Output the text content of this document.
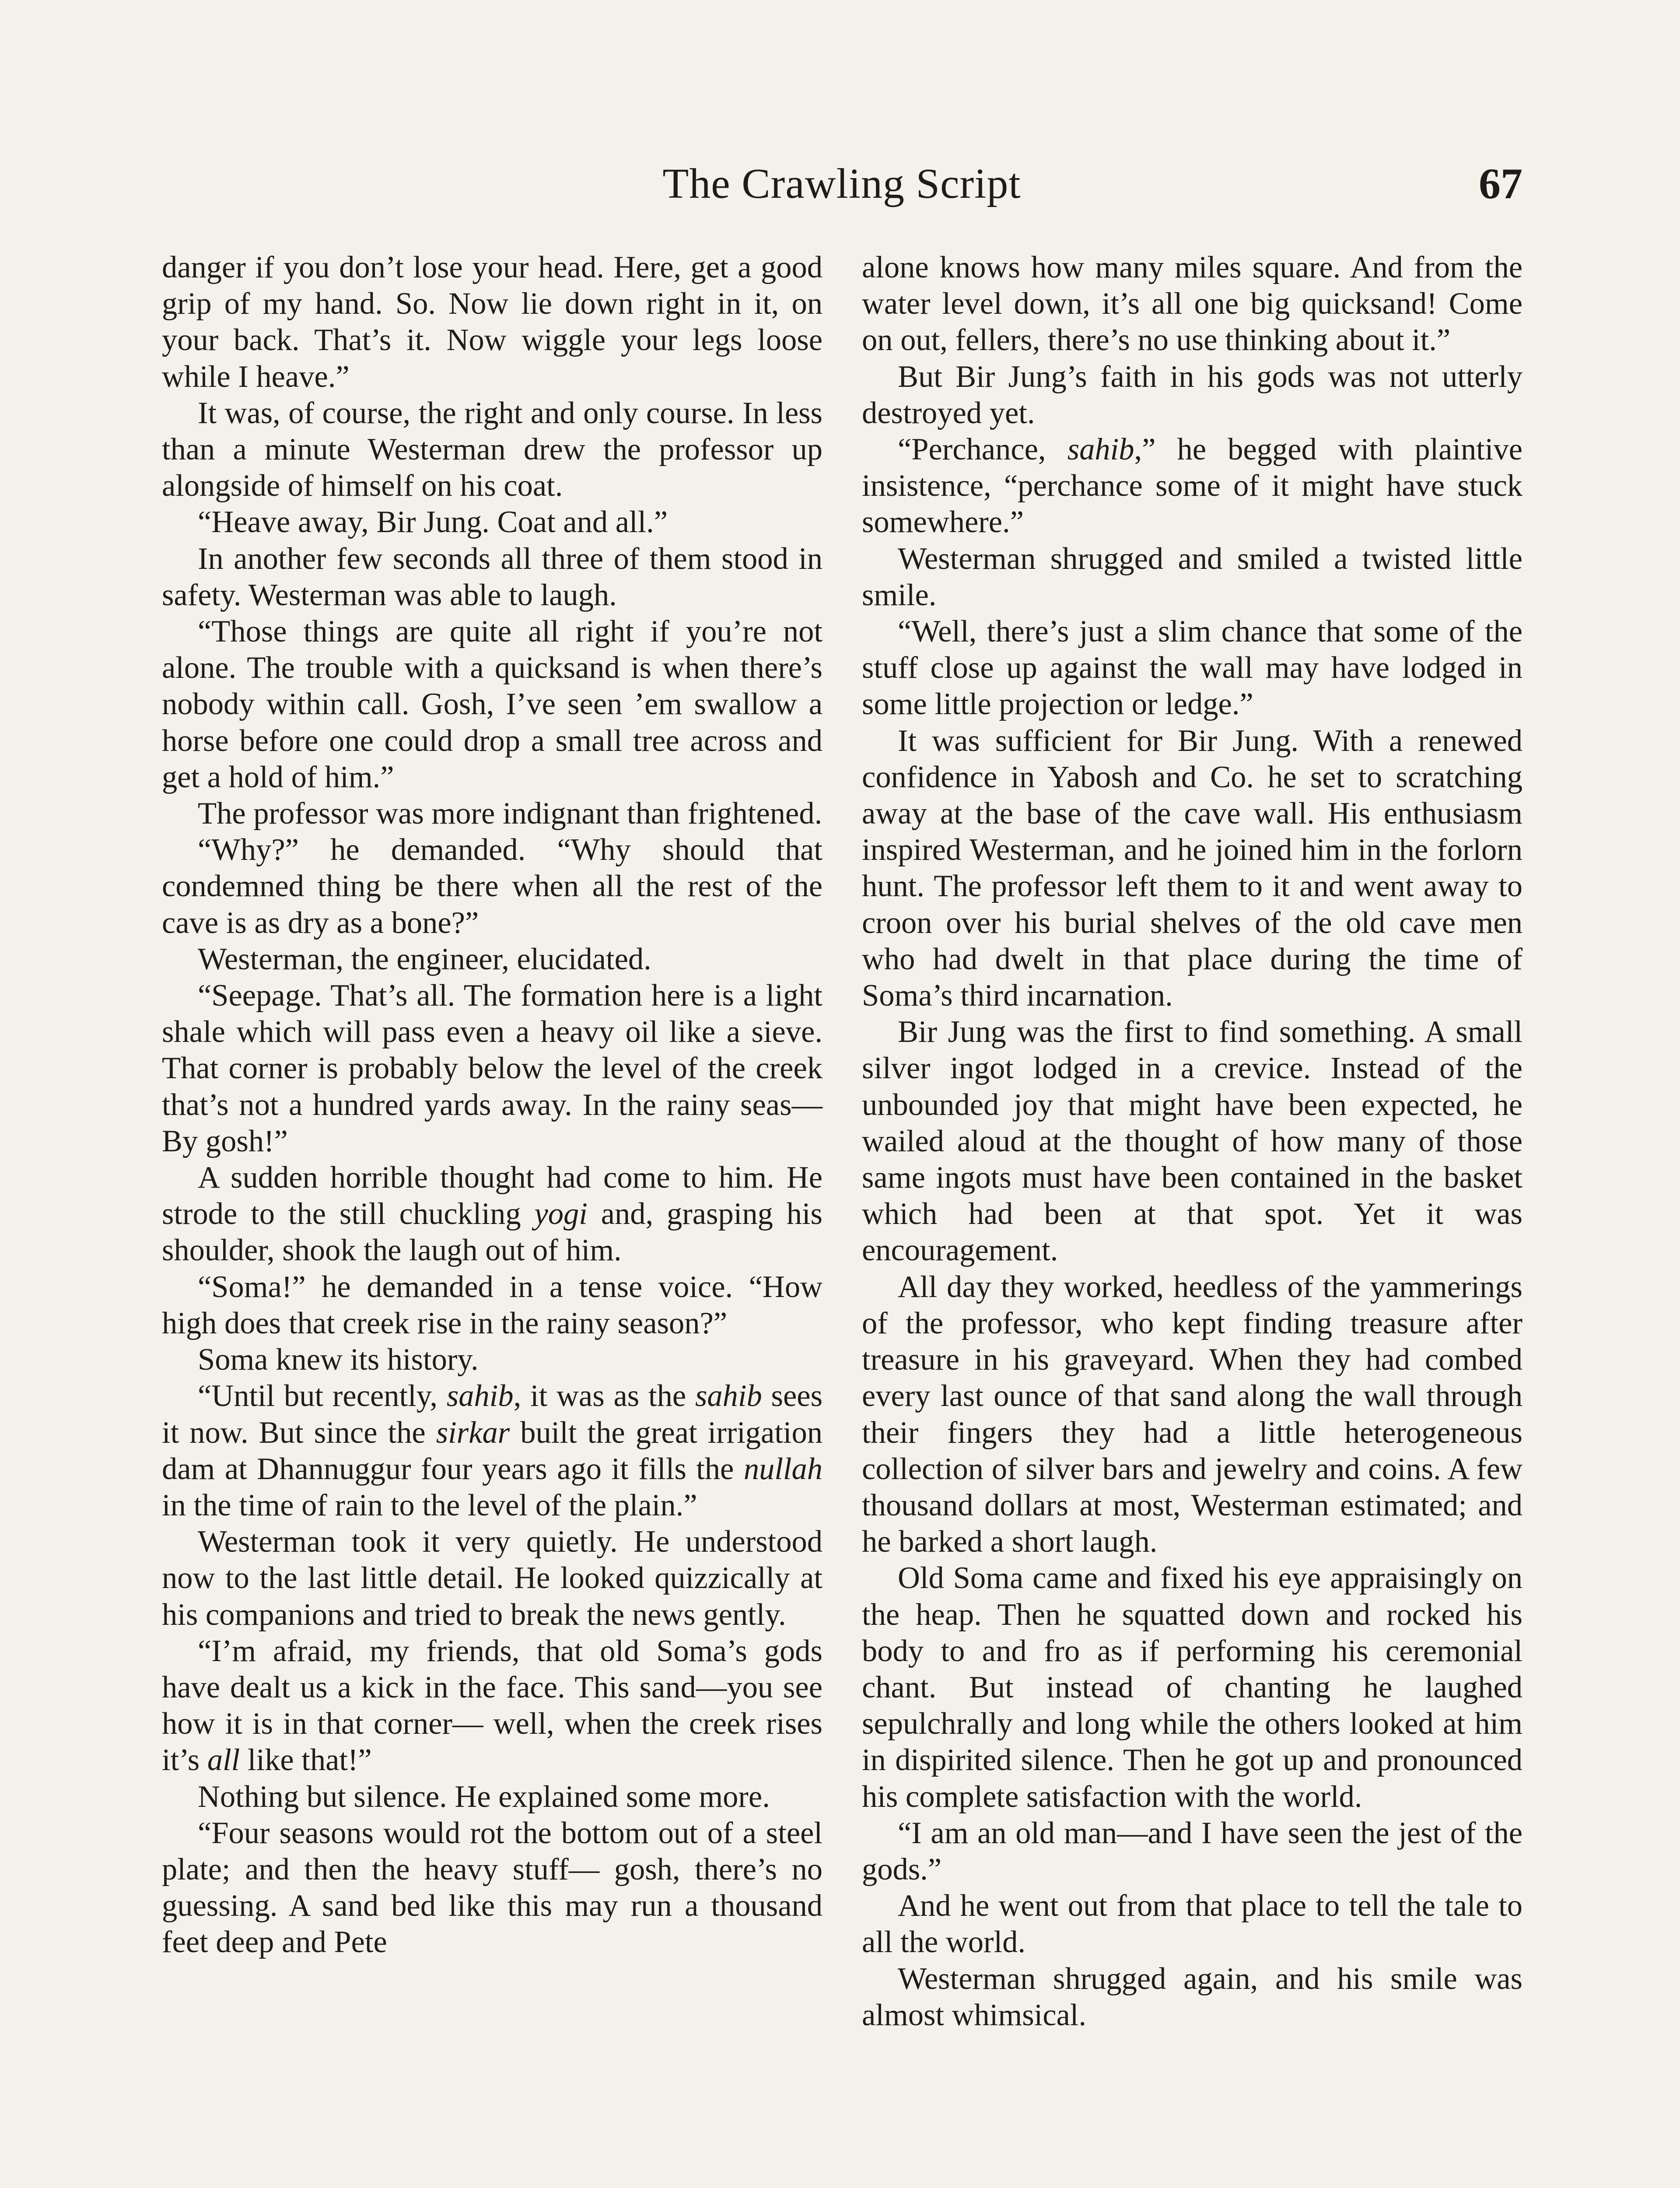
The Crawling Script	67

danger if you don’t lose your head. Here, get a good grip of my hand. So. Now lie down right in it, on your back. That’s it. Now wiggle your legs loose while I heave.”

It was, of course, the right and only course. In less than a minute Westerman drew the professor up alongside of himself on his coat.

“Heave away, Bir Jung. Coat and all.”

In another few seconds all three of them stood in safety. Westerman was able to laugh.

“Those things are quite all right if you’re not alone. The trouble with a quicksand is when there’s nobody within call. Gosh, I’ve seen ’em swallow a horse before one could drop a small tree across and get a hold of him.”

The professor was more indignant than frightened.

“Why?” he demanded. “Why should that condemned thing be there when all the rest of the cave is as dry as a bone?”

Westerman, the engineer, elucidated.

“Seepage. That’s all. The formation here is a light shale which will pass even a heavy oil like a sieve. That corner is probably below the level of the creek that’s not a hundred yards away. In the rainy seas— By gosh!”

A sudden horrible thought had come to him. He strode to the still chuckling yogi and, grasping his shoulder, shook the laugh out of him.

“Soma!” he demanded in a tense voice. “How high does that creek rise in the rainy season?”

Soma knew its history.

“Until but recently, sahib, it was as the sahib sees it now. But since the sirkar built the great irrigation dam at Dhannuggur four years ago it fills the nullah in the time of rain to the level of the plain.”

Westerman took it very quietly. He understood now to the last little detail. He looked quizzically at his companions and tried to break the news gently.

“I’m afraid, my friends, that old Soma’s gods have dealt us a kick in the face. This sand—you see how it is in that corner— well, when the creek rises it’s all like that!”

Nothing but silence. He explained some more.

“Four seasons would rot the bottom out of a steel plate; and then the heavy stuff— gosh, there’s no guessing. A sand bed like this may run a thousand feet deep and Pete

alone knows how many miles square. And from the water level down, it’s all one big quicksand! Come on out, fellers, there’s no use thinking about it.”

But Bir Jung’s faith in his gods was not utterly destroyed yet.

“Perchance, sahib,” he begged with plaintive insistence, “perchance some of it might have stuck somewhere.”

Westerman shrugged and smiled a twisted little smile.

“Well, there’s just a slim chance that some of the stuff close up against the wall may have lodged in some little projection or ledge.”

It was sufficient for Bir Jung. With a renewed confidence in Yabosh and Co. he set to scratching away at the base of the cave wall. His enthusiasm inspired Westerman, and he joined him in the forlorn hunt. The professor left them to it and went away to croon over his burial shelves of the old cave men who had dwelt in that place during the time of Soma’s third incarnation.

Bir Jung was the first to find something. A small silver ingot lodged in a crevice. Instead of the unbounded joy that might have been expected, he wailed aloud at the thought of how many of those same ingots must have been contained in the basket which had been at that spot. Yet it was encouragement.

All day they worked, heedless of the yammerings of the professor, who kept finding treasure after treasure in his graveyard. When they had combed every last ounce of that sand along the wall through their fingers they had a little heterogeneous collection of silver bars and jewelry and coins. A few thousand dollars at most, Westerman estimated; and he barked a short laugh.

Old Soma came and fixed his eye appraisingly on the heap. Then he squatted down and rocked his body to and fro as if performing his ceremonial chant. But instead of chanting he laughed sepulchrally and long while the others looked at him in dispirited silence. Then he got up and pronounced his complete satisfaction with the world.

“I am an old man—and I have seen the jest of the gods.”

And he went out from that place to tell the tale to all the world.

Westerman shrugged again, and his smile was almost whimsical.
